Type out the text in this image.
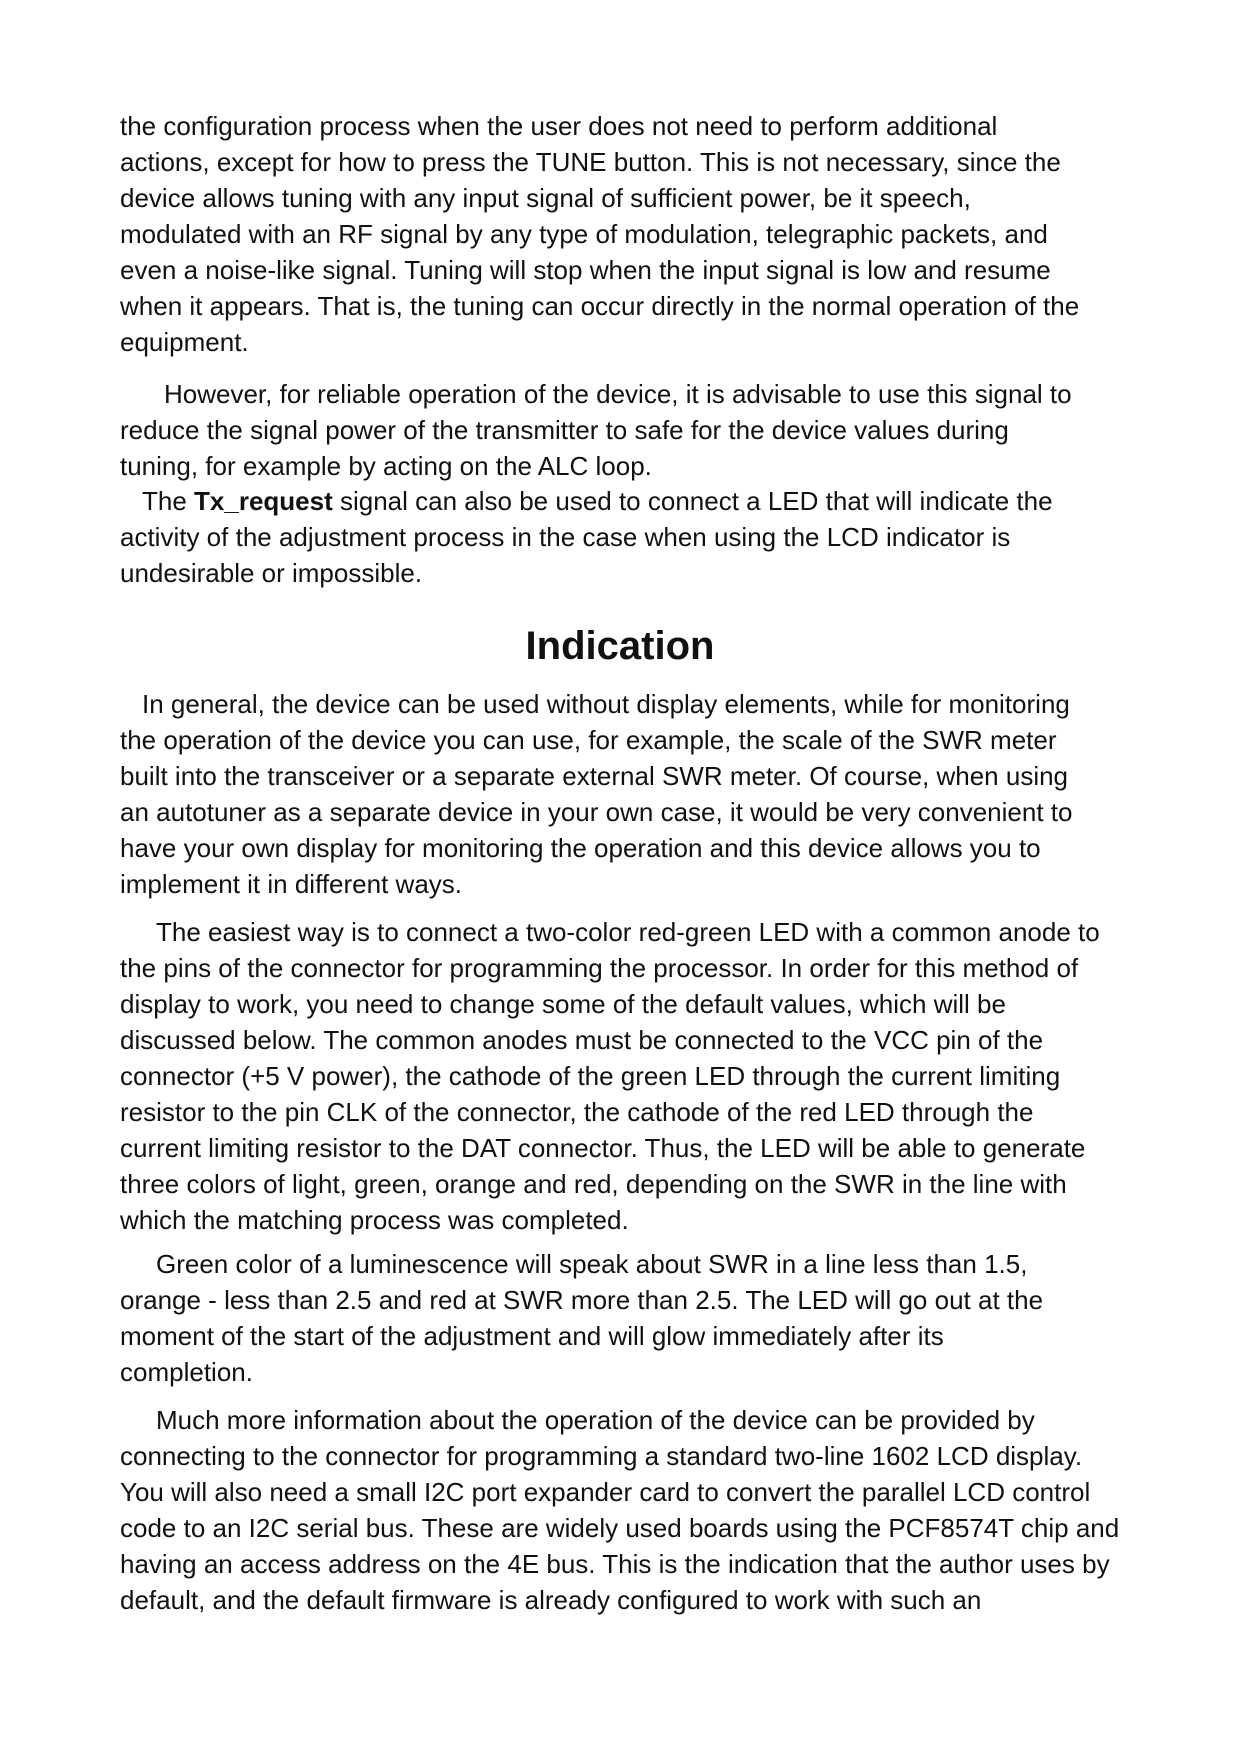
the configuration process when the user does not need to perform additional
actions, except for how to press the TUNE button. This is not necessary, since the
device allows tuning with any input signal of sufficient power, be it speech,
modulated with an RF signal by any type of modulation, telegraphic packets, and
even a noise-like signal. Tuning will stop when the input signal is low and resume
when it appears. That is, the tuning can occur directly in the normal operation of the
equipment.
However, for reliable operation of the device, it is advisable to use this signal to
reduce the signal power of the transmitter to safe for the device values during
tuning, for example by acting on the ALC loop.
The Tx_request signal can also be used to connect a LED that will indicate the
activity of the adjustment process in the case when using the LCD indicator is
undesirable or impossible.
Indication
In general, the device can be used without display elements, while for monitoring
the operation of the device you can use, for example, the scale of the SWR meter
built into the transceiver or a separate external SWR meter. Of course, when using
an autotuner as a separate device in your own case, it would be very convenient to
have your own display for monitoring the operation and this device allows you to
implement it in different ways.
The easiest way is to connect a two-color red-green LED with a common anode to
the pins of the connector for programming the processor. In order for this method of
display to work, you need to change some of the default values, which will be
discussed below. The common anodes must be connected to the VCC pin of the
connector (+5 V power), the cathode of the green LED through the current limiting
resistor to the pin CLK of the connector, the cathode of the red LED through the
current limiting resistor to the DAT connector. Thus, the LED will be able to generate
three colors of light, green, orange and red, depending on the SWR in the line with
which the matching process was completed.
Green color of a luminescence will speak about SWR in a line less than 1.5,
orange - less than 2.5 and red at SWR more than 2.5. The LED will go out at the
moment of the start of the adjustment and will glow immediately after its
completion.
Much more information about the operation of the device can be provided by
connecting to the connector for programming a standard two-line 1602 LCD display.
You will also need a small I2C port expander card to convert the parallel LCD control
code to an I2C serial bus. These are widely used boards using the PCF8574T chip and
having an access address on the 4E bus. This is the indication that the author uses by
default, and the default firmware is already configured to work with such an
